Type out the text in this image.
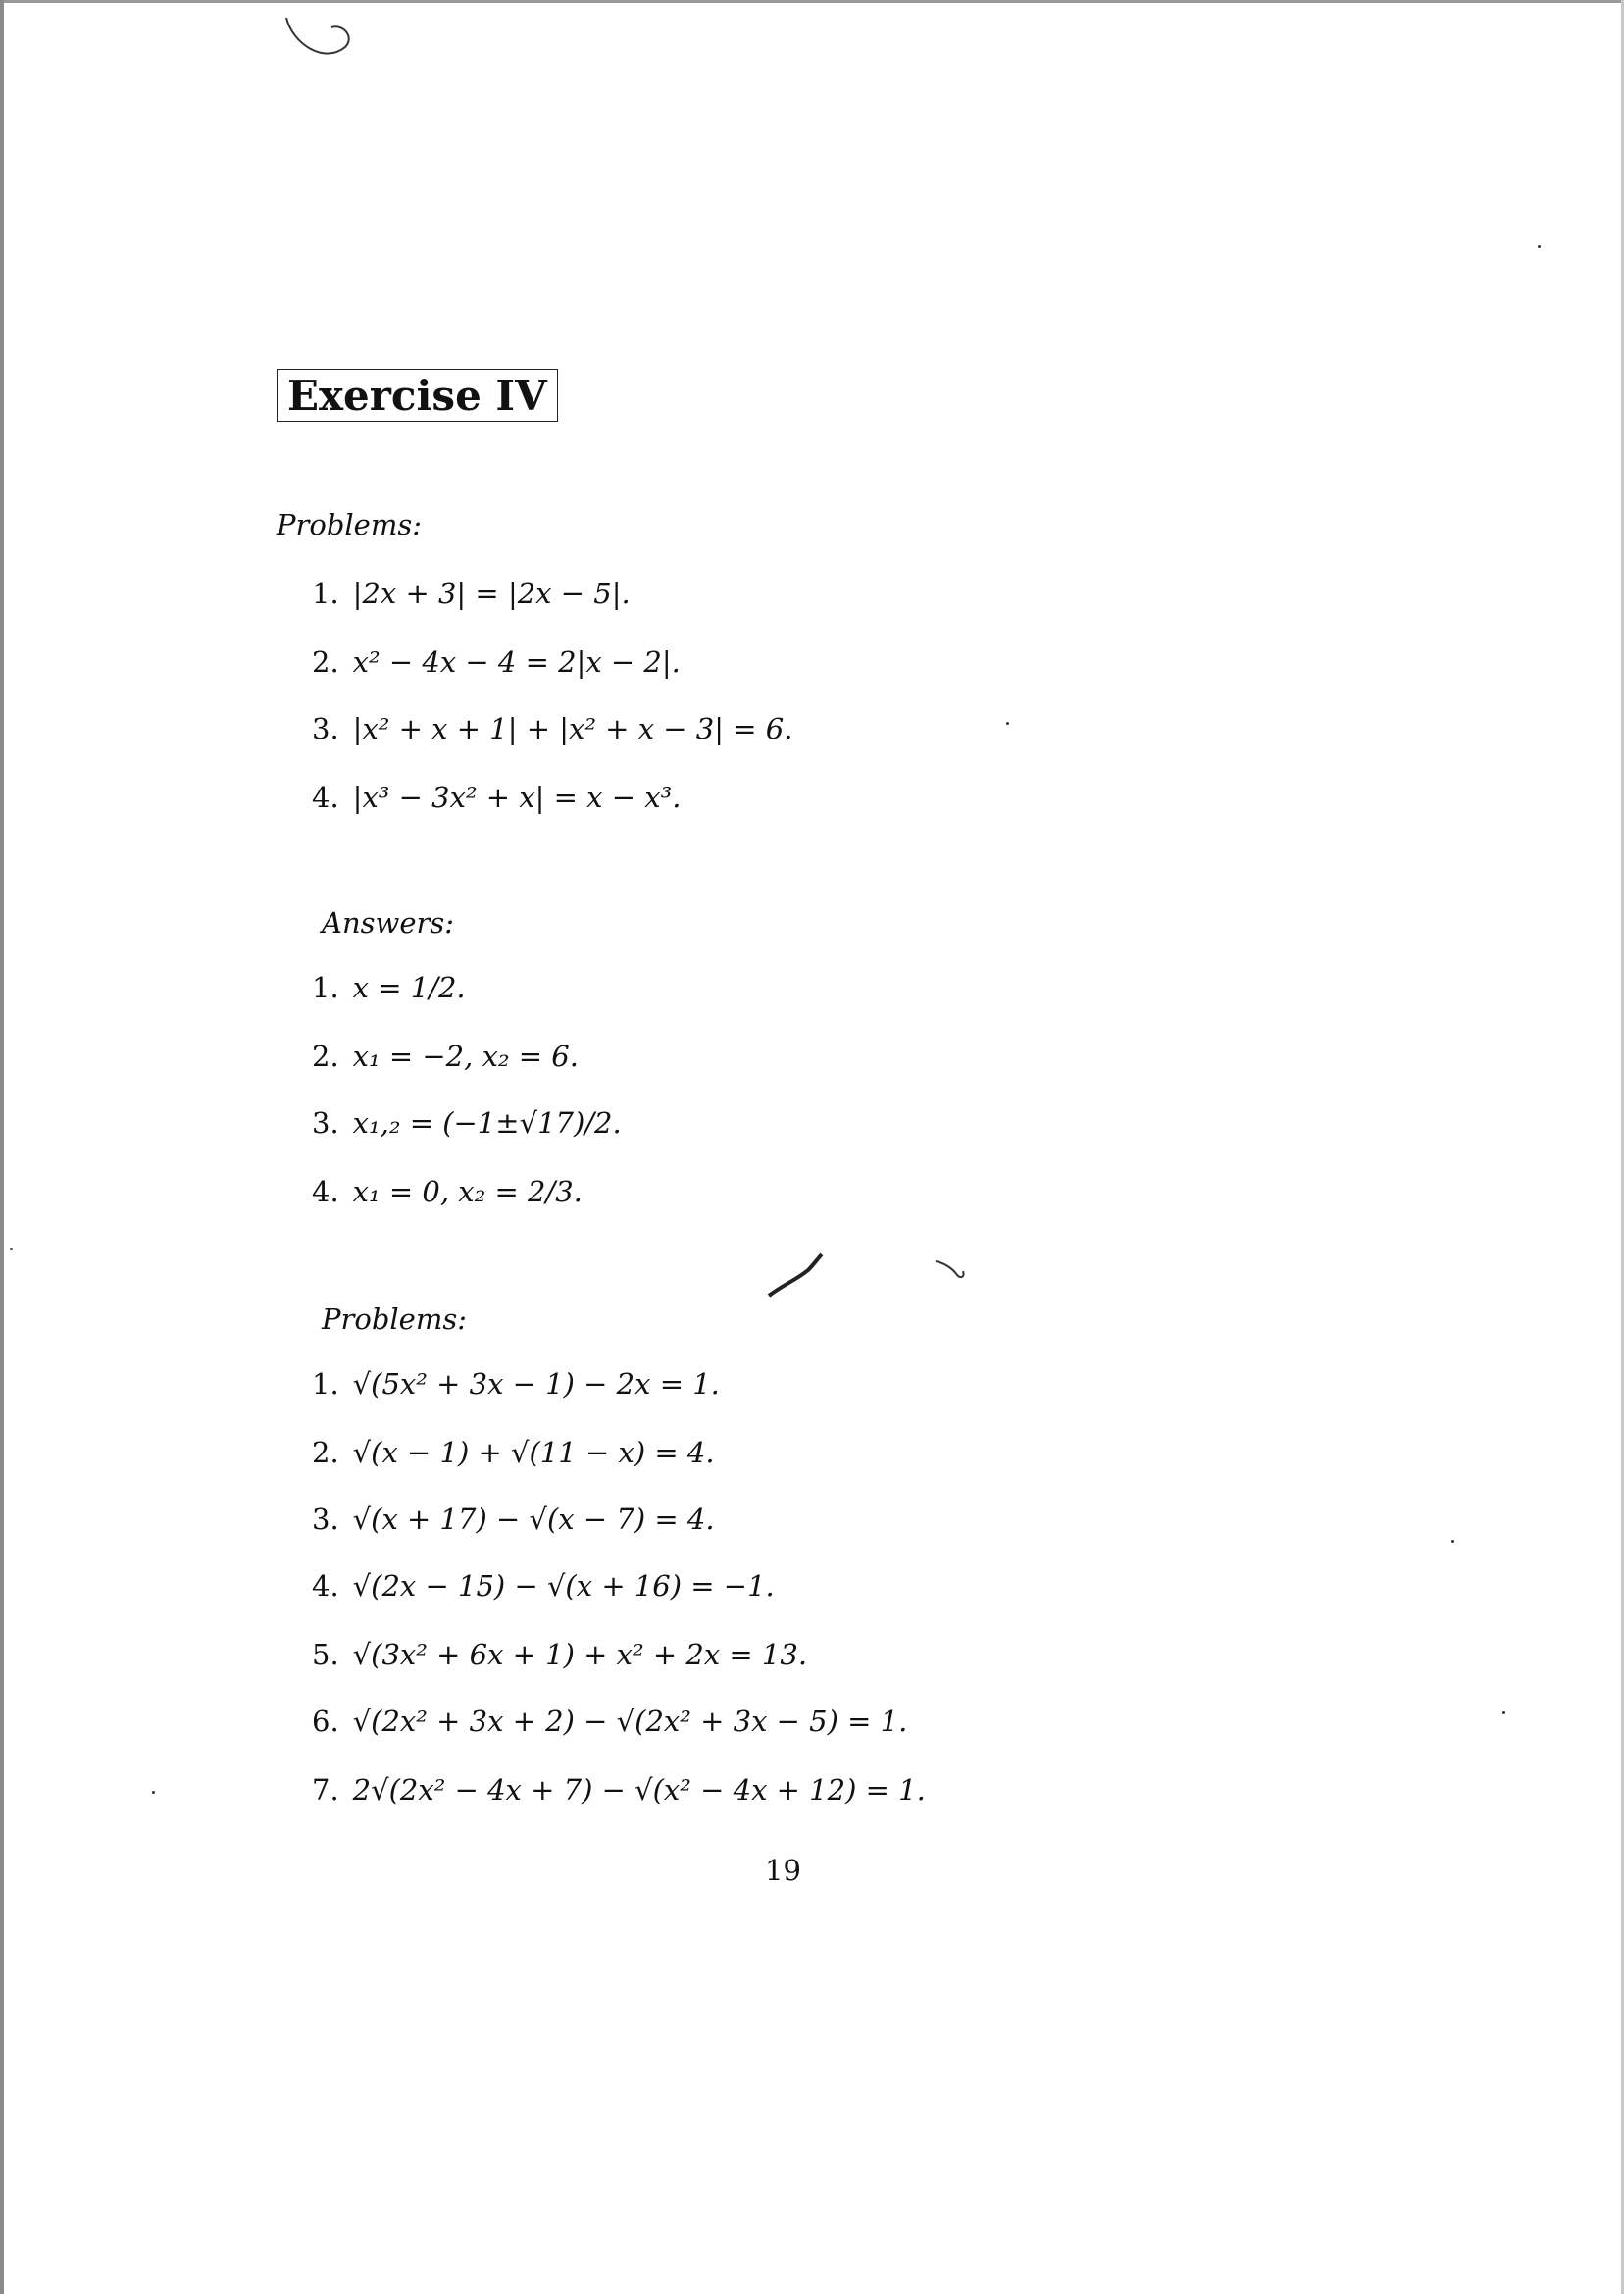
Exercise IV
Problems:
1. |2x + 3| = |2x − 5|.
2. x² − 4x − 4 = 2|x − 2|.
3. |x² + x + 1| + |x² + x − 3| = 6.
4. |x³ − 3x² + x| = x − x³.
Answers:
1. x = 1/2.
2. x₁ = −2, x₂ = 6.
3. x₁,₂ = (−1±√17)/2.
4. x₁ = 0, x₂ = 2/3.
Problems:
1. √(5x² + 3x − 1) − 2x = 1.
2. √(x − 1) + √(11 − x) = 4.
3. √(x + 17) − √(x − 7) = 4.
4. √(2x − 15) − √(x + 16) = −1.
5. √(3x² + 6x + 1) + x² + 2x = 13.
6. √(2x² + 3x + 2) − √(2x² + 3x − 5) = 1.
7. 2√(2x² − 4x + 7) − √(x² − 4x + 12) = 1.
19
